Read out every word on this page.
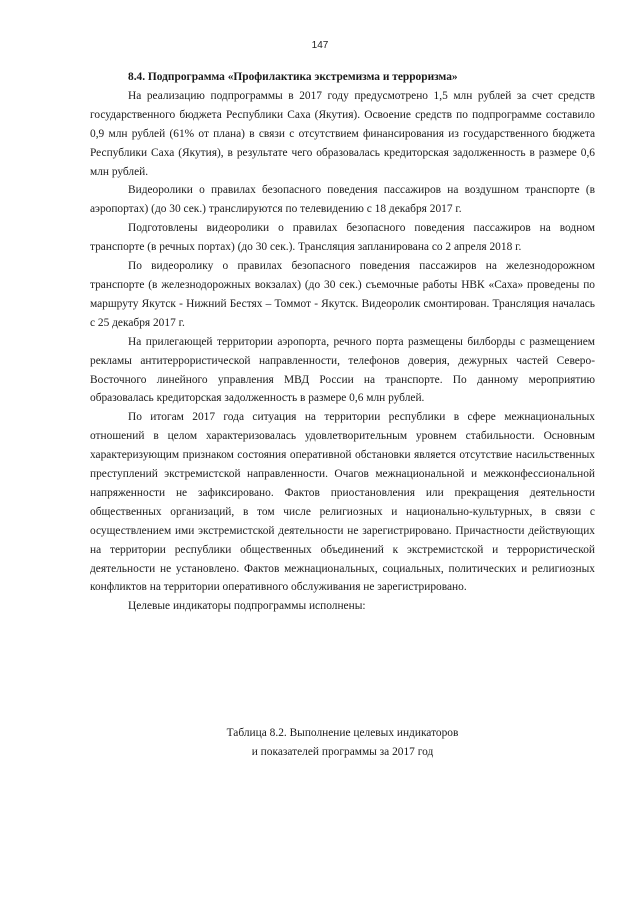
147

8.4. Подпрограмма «Профилактика экстремизма и терроризма»

На реализацию подпрограммы в 2017 году предусмотрено 1,5 млн рублей за счет средств государственного бюджета Республики Саха (Якутия). Освоение средств по подпрограмме составило 0,9 млн рублей (61% от плана) в связи с отсутствием финансирования из государственного бюджета Республики Саха (Якутия), в результате чего образовалась кредиторская задолженность в размере 0,6 млн рублей.

Видеоролики о правилах безопасного поведения пассажиров на воздушном транспорте (в аэропортах) (до 30 сек.) транслируются по телевидению с 18 декабря 2017 г.

Подготовлены видеоролики о правилах безопасного поведения пассажиров на водном транспорте (в речных портах) (до 30 сек.). Трансляция запланирована со 2 апреля 2018 г.

По видеоролику о правилах безопасного поведения пассажиров на железнодорожном транспорте (в железнодорожных вокзалах) (до 30 сек.) съемочные работы НВК «Саха» проведены по маршруту Якутск - Нижний Бестях – Томмот - Якутск. Видеоролик смонтирован. Трансляция началась с 25 декабря 2017 г.

На прилегающей территории аэропорта, речного порта размещены билборды с размещением рекламы антитеррористической направленности, телефонов доверия, дежурных частей Северо-Восточного линейного управления МВД России на транспорте. По данному мероприятию образовалась кредиторская задолженность в размере 0,6 млн рублей.

По итогам 2017 года ситуация на территории республики в сфере межнациональных отношений в целом характеризовалась удовлетворительным уровнем стабильности. Основным характеризующим признаком состояния оперативной обстановки является отсутствие насильственных преступлений экстремистской направленности. Очагов межнациональной и межконфессиональной напряженности не зафиксировано. Фактов приостановления или прекращения деятельности общественных организаций, в том числе религиозных и национально-культурных, в связи с осуществлением ими экстремистской деятельности не зарегистрировано. Причастности действующих на территории республики общественных объединений к экстремистской и террористической деятельности не установлено. Фактов межнациональных, социальных, политических и религиозных конфликтов на территории оперативного обслуживания не зарегистрировано.

Целевые индикаторы подпрограммы исполнены:

Таблица 8.2. Выполнение целевых индикаторов
и показателей программы за 2017 год
